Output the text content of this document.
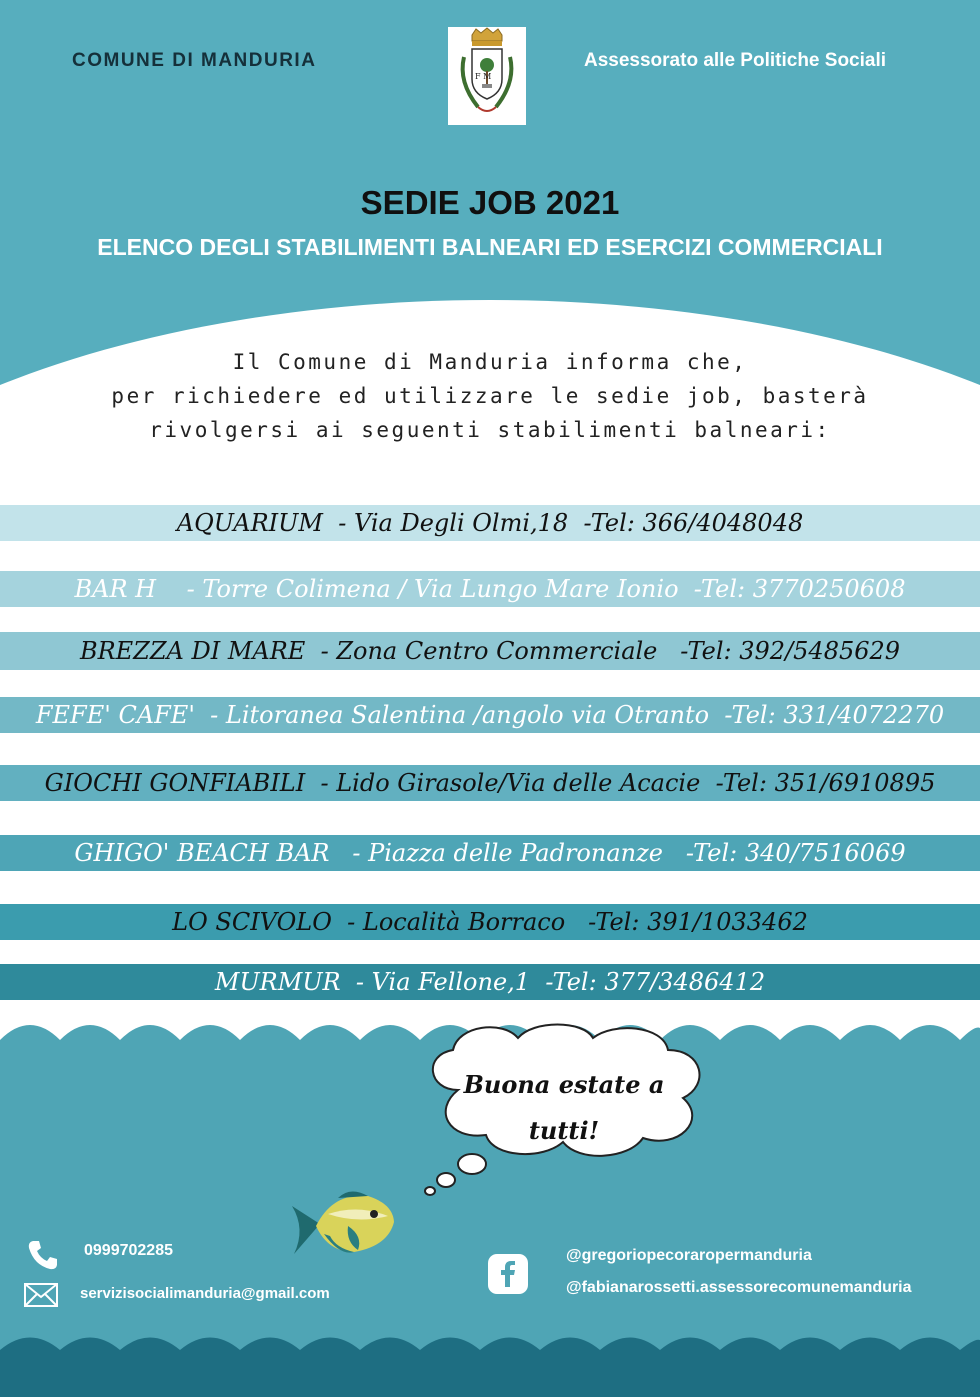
COMUNE DI MANDURIA
F M
Assessorato alle Politiche Sociali
SEDIE JOB 2021
ELENCO DEGLI STABILIMENTI BALNEARI ED ESERCIZI COMMERCIALI
Il Comune di Manduria informa che,
per richiedere ed utilizzare le sedie job, basterà
rivolgersi ai seguenti stabilimenti balneari:
AQUARIUM - Via Degli Olmi,18
-Tel: 366/4048048
BAR H - Torre Colimena / Via Lungo Mare Ionio
-Tel: 3770250608
BREZZA DI MARE - Zona Centro Commerciale
-Tel: 392/5485629
FEFE' CAFE' - Litoranea Salentina /angolo via Otranto
-Tel: 331/4072270
GIOCHI GONFIABILI - Lido Girasole/Via delle Acacie
-Tel: 351/6910895
GHIGO' BEACH BAR - Piazza delle Padronanze
-Tel: 340/7516069
LO SCIVOLO - Località Borraco
-Tel: 391/1033462
MURMUR - Via Fellone,1
-Tel: 377/3486412
Buona estate a
tutti!
0999702285
servizisocialimanduria@gmail.com
@gregoriopecoraropermanduria
@fabianarossetti.assessorecomunemanduria
